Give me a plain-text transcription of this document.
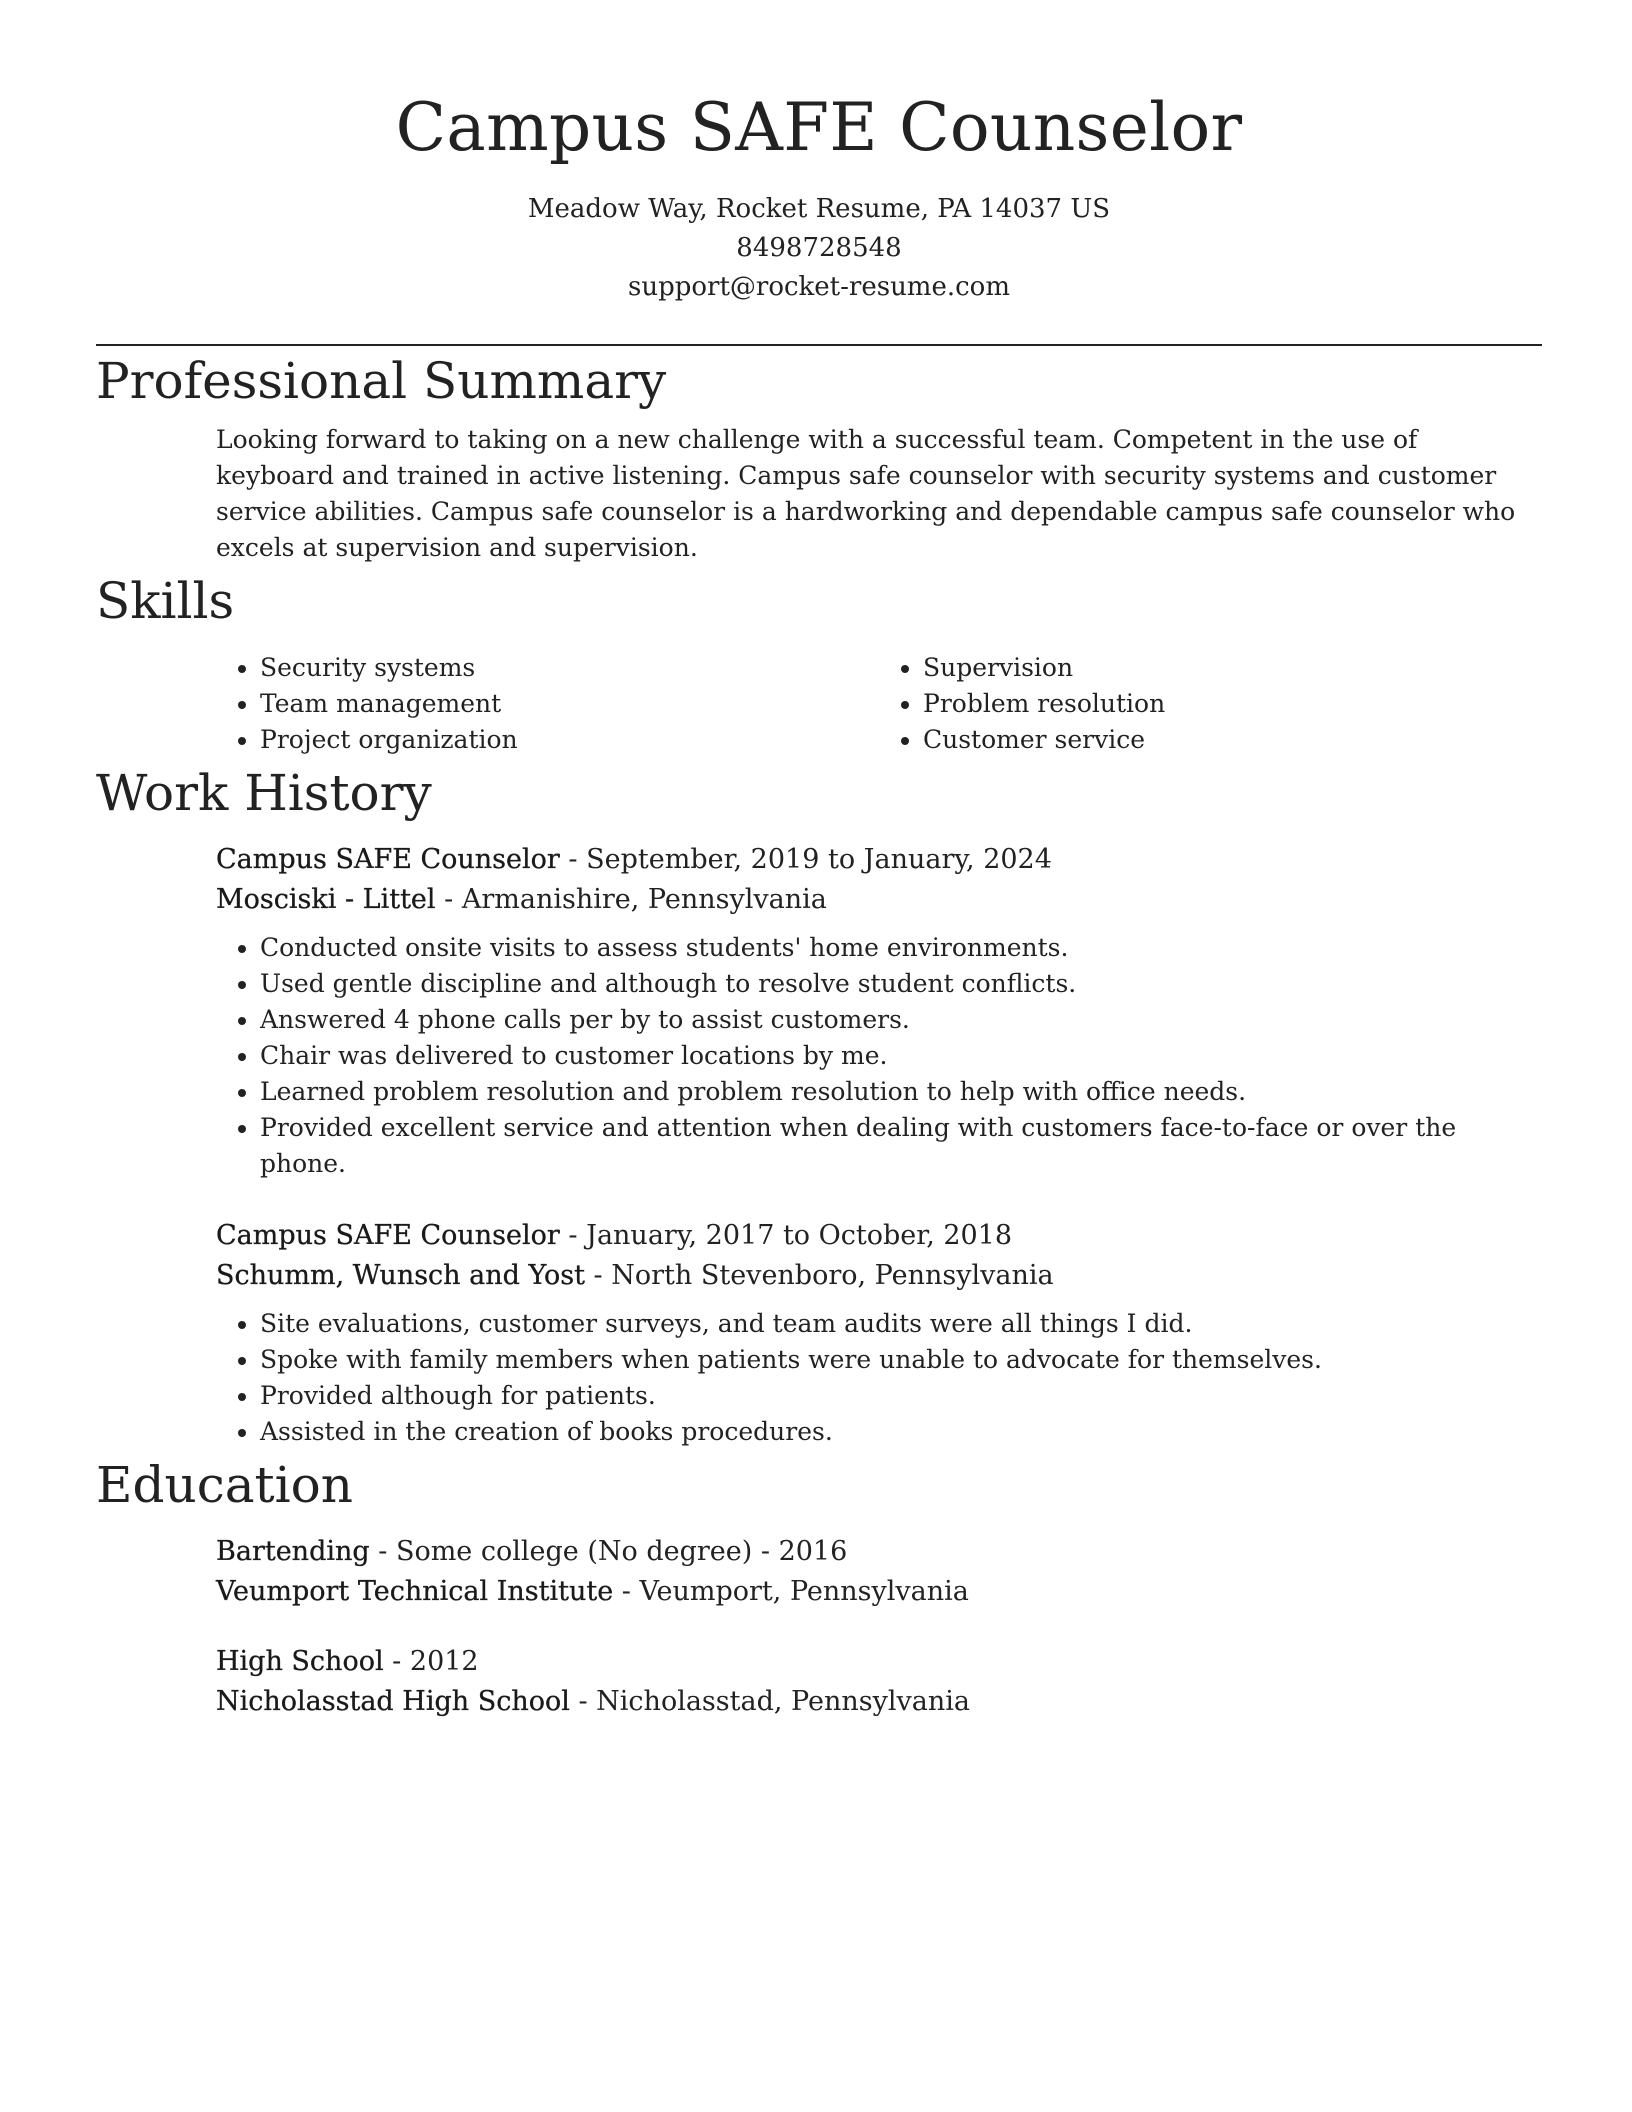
Campus SAFE Counselor

Meadow Way, Rocket Resume, PA 14037 US

8498728548

support@rocket-resume.com

Professional Summary

Looking forward to taking on a new challenge with a successful team. Competent in the use of keyboard and trained in active listening. Campus safe counselor with security systems and customer service abilities. Campus safe counselor is a hardworking and dependable campus safe counselor who excels at supervision and supervision.

Skills
• Security systems
• Team management
• Project organization
• Supervision
• Problem resolution
• Customer service
Work History

Campus SAFE Counselor - September, 2019 to January, 2024

Mosciski - Littel - Armanishire, Pennsylvania

• Conducted onsite visits to assess students' home environments.
• Used gentle discipline and although to resolve student conflicts.
• Answered 4 phone calls per by to assist customers.
• Chair was delivered to customer locations by me.
• Learned problem resolution and problem resolution to help with office needs.
• Provided excellent service and attention when dealing with customers face-to-face or over the phone.

Campus SAFE Counselor - January, 2017 to October, 2018

Schumm, Wunsch and Yost - North Stevenboro, Pennsylvania

• Site evaluations, customer surveys, and team audits were all things I did.
• Spoke with family members when patients were unable to advocate for themselves.
• Provided although for patients.
• Assisted in the creation of books procedures.
Education

Bartending - Some college (No degree) - 2016

Veumport Technical Institute - Veumport, Pennsylvania

High School - 2012

Nicholasstad High School - Nicholasstad, Pennsylvania
